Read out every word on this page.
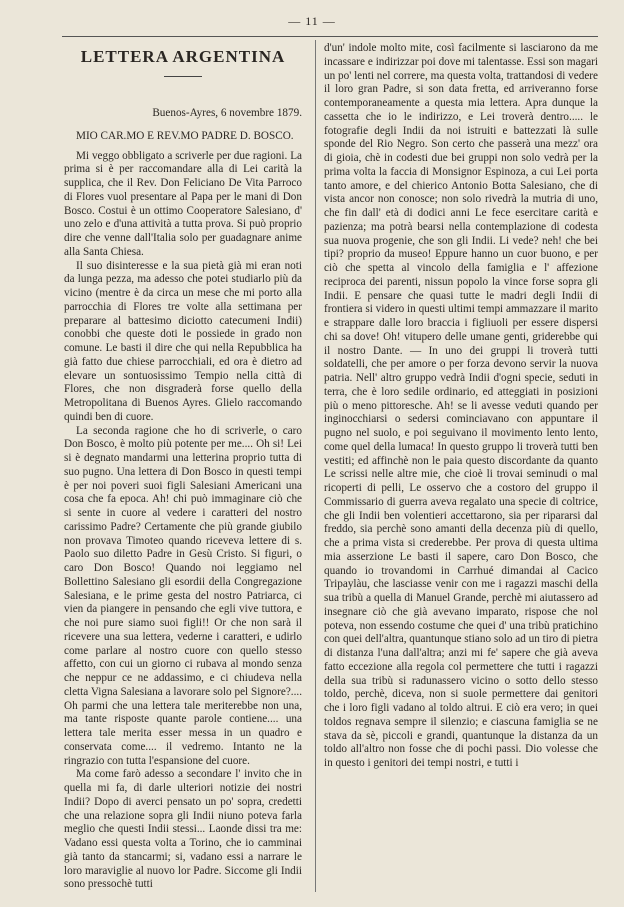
— 11 —
LETTERA ARGENTINA
Buenos-Ayres, 6 novembre 1879.
MIO CAR.MO E REV.MO PADRE D. BOSCO.

Mi veggo obbligato a scriverle per due ragioni. La prima si è per raccomandare alla di Lei carità la supplica, che il Rev. Don Feliciano De Vita Parroco di Flores vuol presentare al Papa per le mani di Don Bosco. Costui è un ottimo Cooperatore Salesiano, d' uno zelo e d'una attività a tutta prova. Si può proprio dire che venne dall'Italia solo per guadagnare anime alla Santa Chiesa.

Il suo disinteresse e la sua pietà già mi eran noti da lunga pezza, ma adesso che potei studiarlo più da vicino (mentre è da circa un mese che mi porto alla parrocchia di Flores tre volte alla settimana per preparare al battesimo diciotto catecumeni Indii) conobbi che queste doti le possiede in grado non comune. Le basti il dire che qui nella Repubblica ha già fatto due chiese parrocchiali, ed ora è dietro ad elevare un sontuosissimo Tempio nella città di Flores, che non disgraderà forse quello della Metropolitana di Buenos Ayres. Glielo raccomando quindi ben di cuore.

La seconda ragione che ho di scriverle, o caro Don Bosco, è molto più potente per me.... Oh si! Lei si è degnato mandarmi una letterina proprio tutta di suo pugno. Una lettera di Don Bosco in questi tempi è per noi poveri suoi figli Salesiani Americani una cosa che fa epoca. Ah! chi può immaginare ciò che si sente in cuore al vedere i caratteri del nostro carissimo Padre? Certamente che più grande giubilo non provava Timoteo quando riceveva lettere di s. Paolo suo diletto Padre in Gesù Cristo. Si figuri, o caro Don Bosco! Quando noi leggiamo nel Bollettino Salesiano gli esordii della Congregazione Salesiana, e le prime gesta del nostro Patriarca, ci vien da piangere in pensando che egli vive tuttora, e che noi pure siamo suoi figli!! Or che non sarà il ricevere una sua lettera, vederne i caratteri, e udirlo come parlare al nostro cuore con quello stesso affetto, con cui un giorno ci rubava al mondo senza che neppur ce ne addassimo, e ci chiudeva nella cletta Vigna Salesiana a lavorare solo pel Signore?.... Oh parmi che una lettera tale meriterebbe non una, ma tante risposte quante parole contiene.... una lettera tale merita esser messa in un quadro e conservata come.... il vedremo. Intanto ne la ringrazio con tutta l'espansione del cuore.

Ma come farò adesso a secondare l' invito che in quella mi fa, di darle ulteriori notizie dei nostri Indii? Dopo di averci pensato un po' sopra, credetti che una relazione sopra gli Indii niuno poteva farla meglio che questi Indii stessi... Laonde dissi tra me: Vadano essi questa volta a Torino, che io camminai già tanto da stancarmi; si, vadano essi a narrare le loro maraviglie al nuovo lor Padre. Siccome gli Indii sono pressochè tutti

d'un' indole molto mite, così facilmente si lasciarono da me incassare e indirizzar poi dove mi talentasse. Essi son magari un po' lenti nel correre, ma questa volta, trattandosi di vedere il loro gran Padre, si son data fretta, ed arriveranno forse contemporaneamente a questa mia lettera. Apra dunque la cassetta che io le indirizzo, e Lei troverà dentro..... le fotografie degli Indii da noi istruiti e battezzati là sulle sponde del Rio Negro. Son certo che passerà una mezz' ora di gioia, chè in codesti due bei gruppi non solo vedrà per la prima volta la faccia di Monsignor Espinoza, a cui Lei porta tanto amore, e del chierico Antonio Botta Salesiano, che di vista ancor non conosce; non solo rivedrà la mutria di uno, che fin dall' età di dodici anni Le fece esercitare carità e pazienza; ma potrà bearsi nella contemplazione di codesta sua nuova progenie, che son gli Indii. Li vede? neh! che bei tipi? proprio da museo! Eppure hanno un cuor buono, e per ciò che spetta al vincolo della famiglia e l' affezione reciproca dei parenti, nissun popolo la vince forse sopra gli Indii. E pensare che quasi tutte le madri degli Indii di frontiera si videro in questi ultimi tempi ammazzare il marito e strappare dalle loro braccia i figliuoli per essere dispersi chi sa dove! Oh! vitupero delle umane genti, griderebbe qui il nostro Dante. — In uno dei gruppi li troverà tutti soldatelli, che per amore o per forza devono servir la nuova patria. Nell' altro gruppo vedrà Indii d'ogni specie, seduti in terra, che è loro sedile ordinario, ed atteggiati in posizioni più o meno pittoresche. Ah! se li avesse veduti quando per inginocchiarsi o sedersi cominciavano con appuntare il pugno nel suolo, e poi seguivano il movimento lento lento, come quel della lumaca! In questo gruppo li troverà tutti ben vestiti; ed affinchè non le paia questo discordante da quanto Le scrissi nelle altre mie, che cioè li trovai seminudi o mal ricoperti di pelli, Le osservo che a costoro del gruppo il Commissario di guerra aveva regalato una specie di coltrice, che gli Indii ben volentieri accettarono, sia per ripararsi dal freddo, sia perchè sono amanti della decenza più di quello, che a prima vista si crederebbe. Per prova di questa ultima mia asserzione Le basti il sapere, caro Don Bosco, che quando io trovandomi in Carrhué dimandai al Cacico Tripaylàu, che lasciasse venir con me i ragazzi maschi della sua tribù a quella di Manuel Grande, perchè mi aiutassero ad insegnare ciò che già avevano imparato, rispose che nol poteva, non essendo costume che quei d' una tribù pratichino con quei dell'altra, quantunque stiano solo ad un tiro di pietra di distanza l'una dall'altra; anzi mi fe' sapere che già aveva fatto eccezione alla regola col permettere che tutti i ragazzi della sua tribù si radunassero vicino o sotto dello stesso toldo, perchè, diceva, non si suole permettere dai genitori che i loro figli vadano al toldo altrui. E ciò era vero; in quei toldos regnava sempre il silenzio; e ciascuna famiglia se ne stava da sè, piccoli e grandi, quantunque la distanza da un toldo all'altro non fosse che di pochi passi. Dio volesse che in questo i genitori dei tempi nostri, e tutti i
